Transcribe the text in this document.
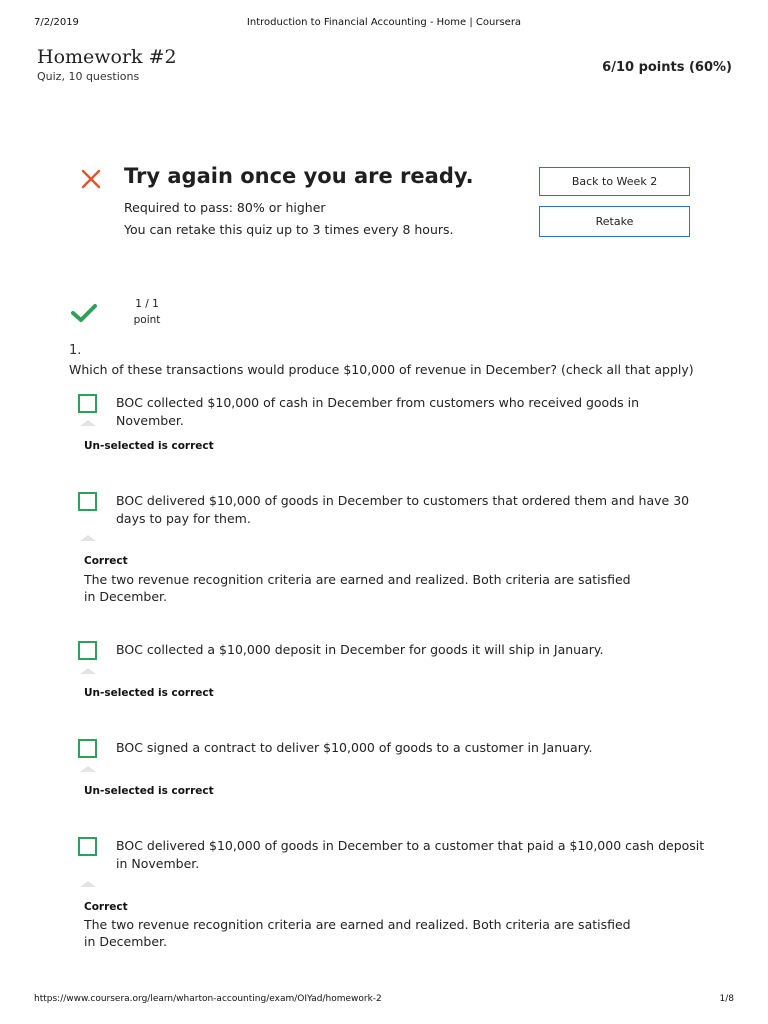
7/2/2019	Introduction to Financial Accounting - Home | Coursera
Homework #2
Quiz, 10 questions
6/10 points (60%)
Try again once you are ready.
Required to pass: 80% or higher
You can retake this quiz up to 3 times every 8 hours.
Back to Week 2
Retake
1 / 1
point
1.
Which of these transactions would produce $10,000 of revenue in December? (check all that apply)
BOC collected $10,000 of cash in December from customers who received goods in November.
Un-selected is correct
BOC delivered $10,000 of goods in December to customers that ordered them and have 30 days to pay for them.
Correct
The two revenue recognition criteria are earned and realized. Both criteria are satisfied in December.
BOC collected a $10,000 deposit in December for goods it will ship in January.
Un-selected is correct
BOC signed a contract to deliver $10,000 of goods to a customer in January.
Un-selected is correct
BOC delivered $10,000 of goods in December to a customer that paid a $10,000 cash deposit in November.
Correct
The two revenue recognition criteria are earned and realized. Both criteria are satisfied in December.
https://www.coursera.org/learn/wharton-accounting/exam/OIYad/homework-2	1/8
